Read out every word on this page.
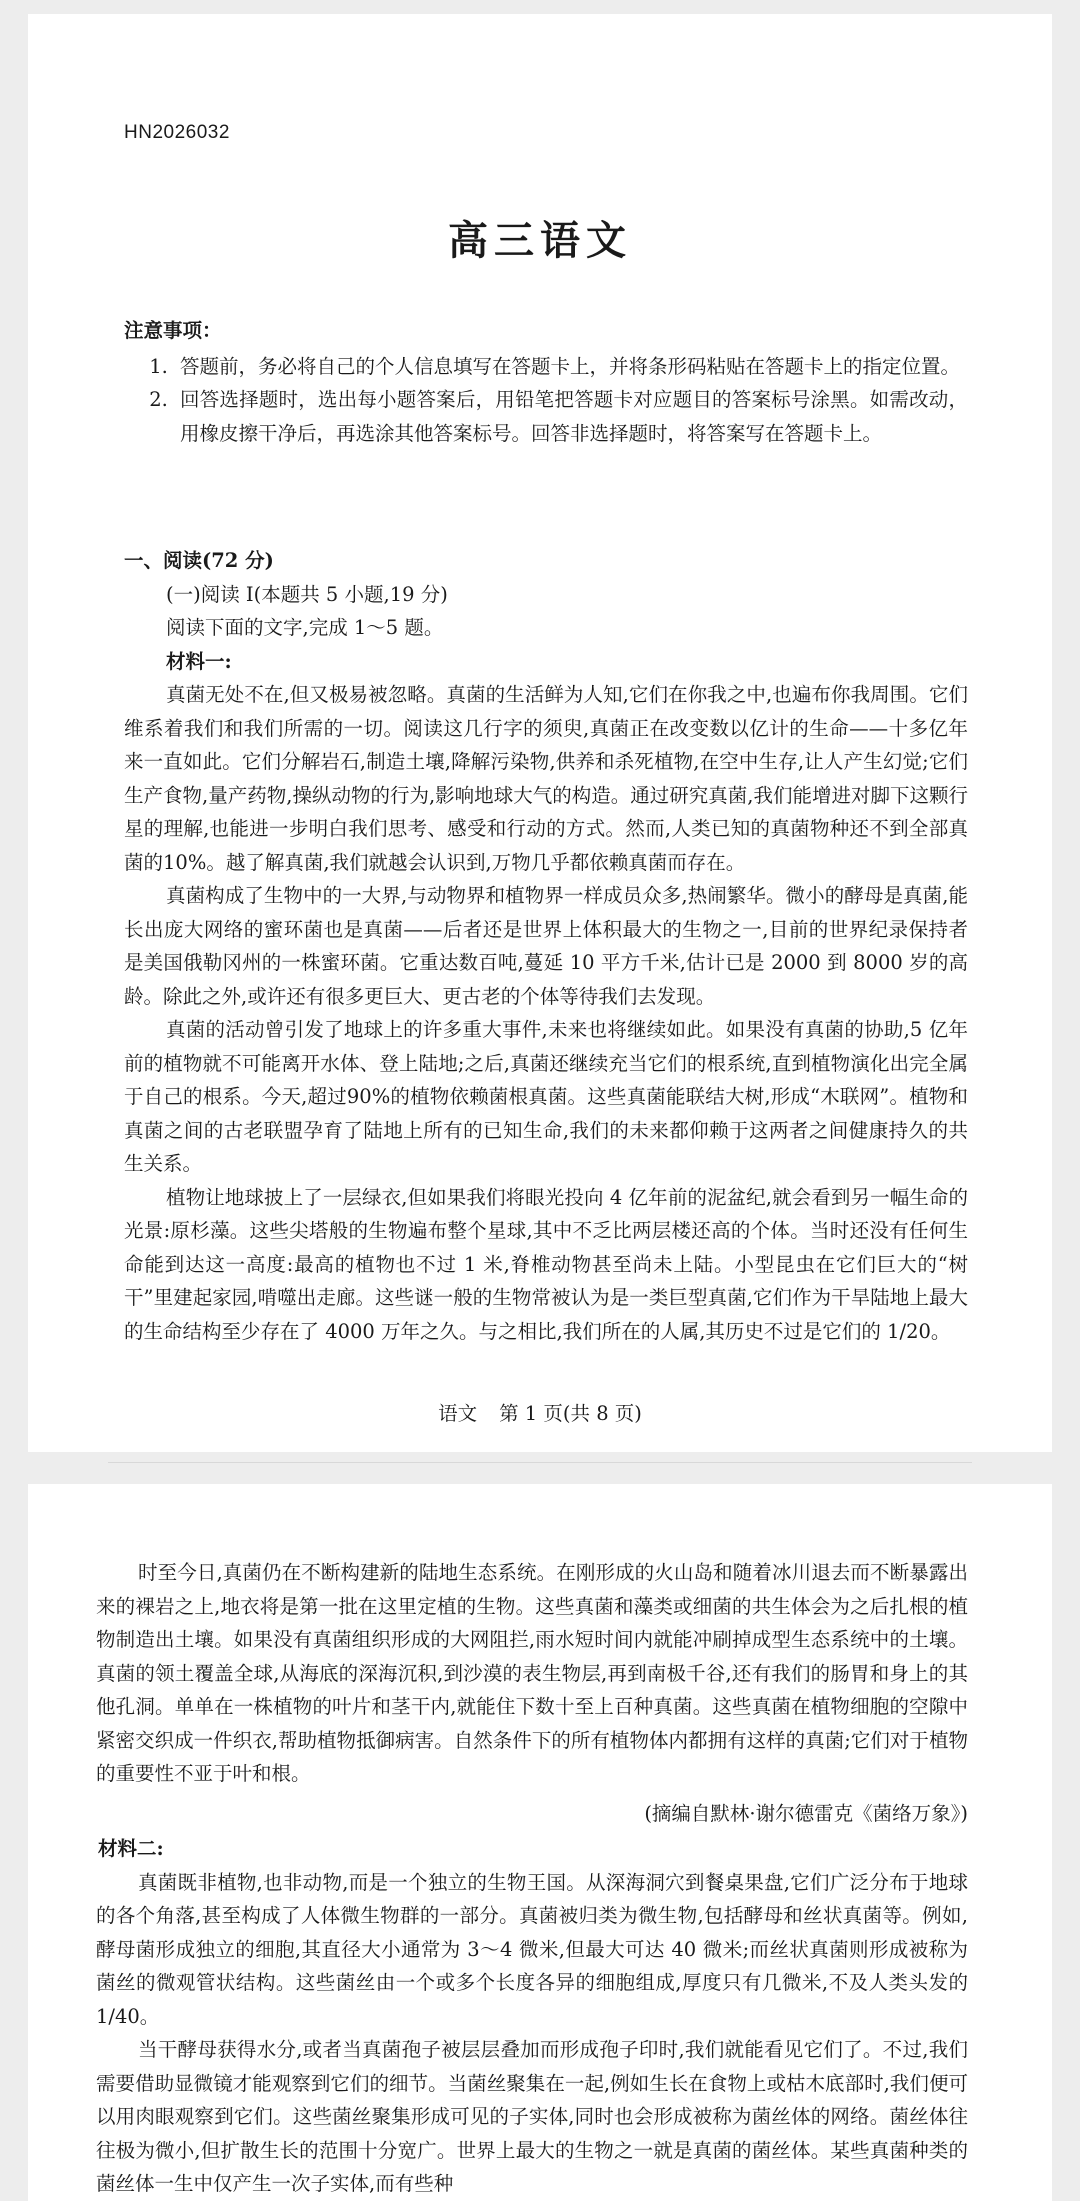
HN2026032
高三语文
注意事项：
1. 答题前，务必将自己的个人信息填写在答题卡上，并将条形码粘贴在答题卡上的指定位置。
2. 回答选择题时，选出每小题答案后，用铅笔把答题卡对应题目的答案标号涂黑。如需改动，用橡皮擦干净后，再选涂其他答案标号。回答非选择题时，将答案写在答题卡上。
一、阅读(72 分)
(一)阅读 I(本题共 5 小题,19 分)
阅读下面的文字,完成 1～5 题。
材料一:

真菌无处不在,但又极易被忽略。真菌的生活鲜为人知,它们在你我之中,也遍布你我周围。它们维系着我们和我们所需的一切。阅读这几行字的须臾,真菌正在改变数以亿计的生命——十多亿年来一直如此。它们分解岩石,制造土壤,降解污染物,供养和杀死植物,在空中生存,让人产生幻觉;它们生产食物,量产药物,操纵动物的行为,影响地球大气的构造。通过研究真菌,我们能增进对脚下这颗行星的理解,也能进一步明白我们思考、感受和行动的方式。然而,人类已知的真菌物种还不到全部真菌的10%。越了解真菌,我们就越会认识到,万物几乎都依赖真菌而存在。

真菌构成了生物中的一大界,与动物界和植物界一样成员众多,热闹繁华。微小的酵母是真菌,能长出庞大网络的蜜环菌也是真菌——后者还是世界上体积最大的生物之一,目前的世界纪录保持者是美国俄勒冈州的一株蜜环菌。它重达数百吨,蔓延 10 平方千米,估计已是 2000 到 8000 岁的高龄。除此之外,或许还有很多更巨大、更古老的个体等待我们去发现。

真菌的活动曾引发了地球上的许多重大事件,未来也将继续如此。如果没有真菌的协助,5 亿年前的植物就不可能离开水体、登上陆地;之后,真菌还继续充当它们的根系统,直到植物演化出完全属于自己的根系。今天,超过90%的植物依赖菌根真菌。这些真菌能联结大树,形成“木联网”。植物和真菌之间的古老联盟孕育了陆地上所有的已知生命,我们的未来都仰赖于这两者之间健康持久的共生关系。

植物让地球披上了一层绿衣,但如果我们将眼光投向 4 亿年前的泥盆纪,就会看到另一幅生命的光景:原杉藻。这些尖塔般的生物遍布整个星球,其中不乏比两层楼还高的个体。当时还没有任何生命能到达这一高度:最高的植物也不过 1 米,脊椎动物甚至尚未上陆。小型昆虫在它们巨大的“树干”里建起家园,啃噬出走廊。这些谜一般的生物常被认为是一类巨型真菌,它们作为干旱陆地上最大的生命结构至少存在了 4000 万年之久。与之相比,我们所在的人属,其历史不过是它们的 1/20。

语文 第 1 页(共 8 页)

时至今日,真菌仍在不断构建新的陆地生态系统。在刚形成的火山岛和随着冰川退去而不断暴露出来的裸岩之上,地衣将是第一批在这里定植的生物。这些真菌和藻类或细菌的共生体会为之后扎根的植物制造出土壤。如果没有真菌组织形成的大网阻拦,雨水短时间内就能冲刷掉成型生态系统中的土壤。真菌的领土覆盖全球,从海底的深海沉积,到沙漠的表生物层,再到南极千谷,还有我们的肠胃和身上的其他孔洞。单单在一株植物的叶片和茎干内,就能住下数十至上百种真菌。这些真菌在植物细胞的空隙中紧密交织成一件织衣,帮助植物抵御病害。自然条件下的所有植物体内都拥有这样的真菌;它们对于植物的重要性不亚于叶和根。

(摘编自默林·谢尔德雷克《菌络万象》)
材料二:

真菌既非植物,也非动物,而是一个独立的生物王国。从深海洞穴到餐桌果盘,它们广泛分布于地球的各个角落,甚至构成了人体微生物群的一部分。真菌被归类为微生物,包括酵母和丝状真菌等。例如,酵母菌形成独立的细胞,其直径大小通常为 3～4 微米,但最大可达 40 微米;而丝状真菌则形成被称为菌丝的微观管状结构。这些菌丝由一个或多个长度各异的细胞组成,厚度只有几微米,不及人类头发的 1/40。

当干酵母获得水分,或者当真菌孢子被层层叠加而形成孢子印时,我们就能看见它们了。不过,我们需要借助显微镜才能观察到它们的细节。当菌丝聚集在一起,例如生长在食物上或枯木底部时,我们便可以用肉眼观察到它们。这些菌丝聚集形成可见的子实体,同时也会形成被称为菌丝体的网络。菌丝体往往极为微小,但扩散生长的范围十分宽广。世界上最大的生物之一就是真菌的菌丝体。某些真菌种类的菌丝体一生中仅产生一次子实体,而有些种
